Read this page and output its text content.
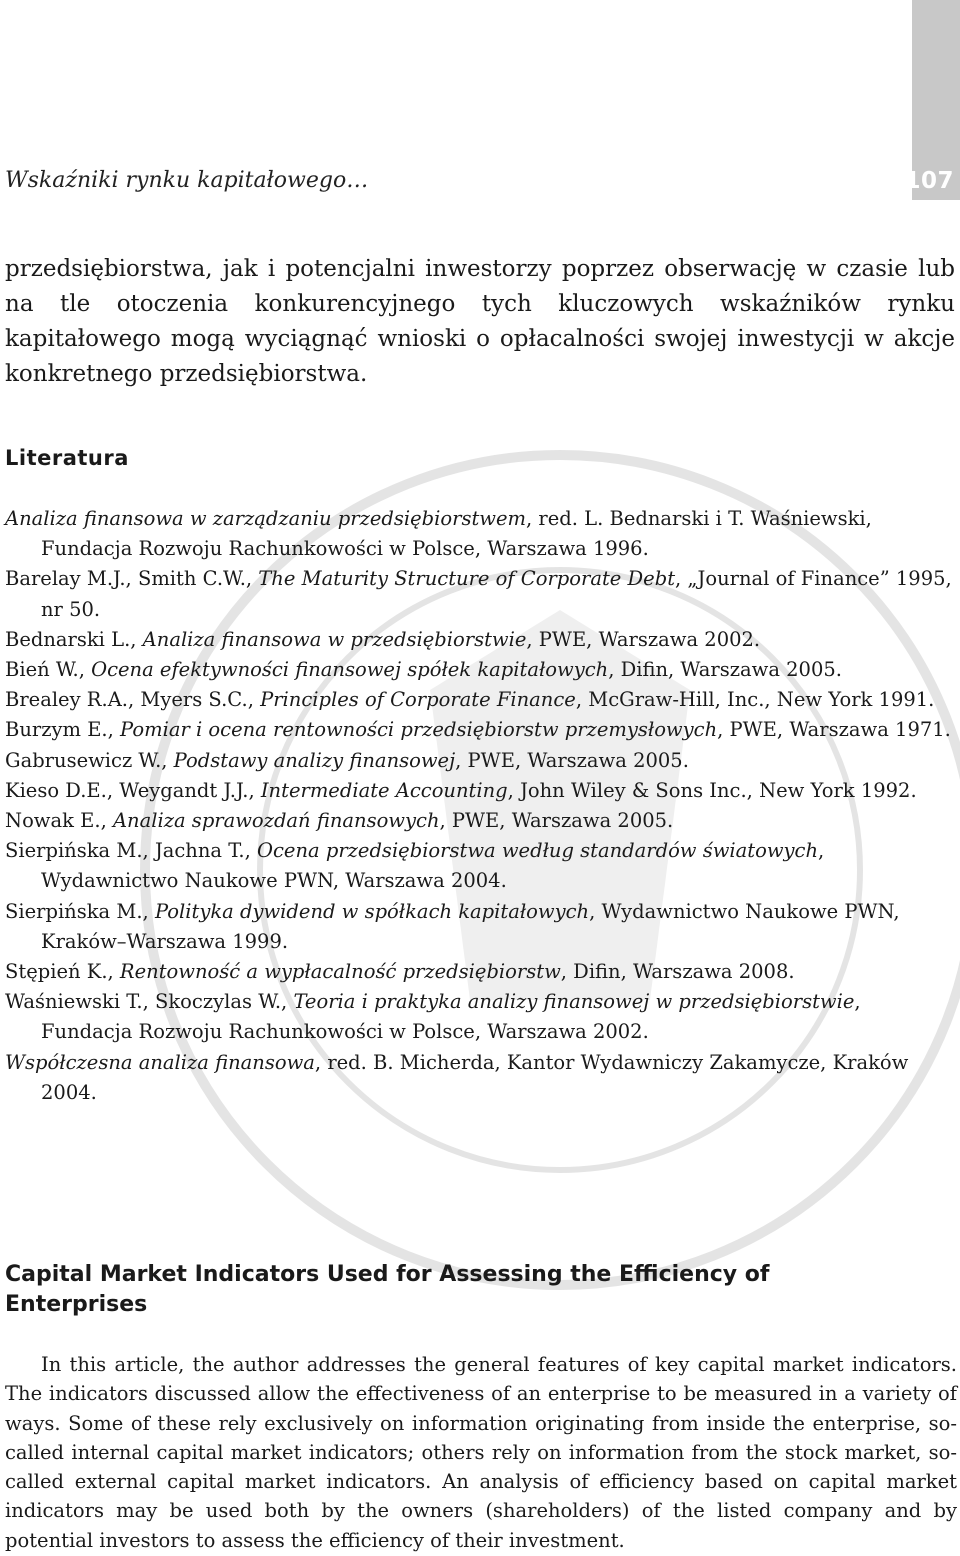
107
Wskaźniki rynku kapitałowego…

przedsiębiorstwa, jak i potencjalni inwestorzy poprzez obserwację w czasie lub na tle otoczenia konkurencyjnego tych kluczowych wskaźników rynku kapitałowego mogą wyciągnąć wnioski o opłacalności swojej inwestycji w akcje konkretnego przedsiębiorstwa.

Literatura
Analiza finansowa w zarządzaniu przedsiębiorstwem, red. L. Bednarski i T. Waśniewski, Fundacja Rozwoju Rachunkowości w Polsce, Warszawa 1996.
Barelay M.J., Smith C.W., The Maturity Structure of Corporate Debt, „Journal of Finance” 1995, nr 50.
Bednarski L., Analiza finansowa w przedsiębiorstwie, PWE, Warszawa 2002.
Bień W., Ocena efektywności finansowej spółek kapitałowych, Difin, Warszawa 2005.
Brealey R.A., Myers S.C., Principles of Corporate Finance, McGraw-Hill, Inc., New York 1991.
Burzym E., Pomiar i ocena rentowności przedsiębiorstw przemysłowych, PWE, Warszawa 1971.
Gabrusewicz W., Podstawy analizy finansowej, PWE, Warszawa 2005.
Kieso D.E., Weygandt J.J., Intermediate Accounting, John Wiley & Sons Inc., New York 1992.
Nowak E., Analiza sprawozdań finansowych, PWE, Warszawa 2005.
Sierpińska M., Jachna T., Ocena przedsiębiorstwa według standardów światowych, Wydawnictwo Naukowe PWN, Warszawa 2004.
Sierpińska M., Polityka dywidend w spółkach kapitałowych, Wydawnictwo Naukowe PWN, Kraków–Warszawa 1999.
Stępień K., Rentowność a wypłacalność przedsiębiorstw, Difin, Warszawa 2008.
Waśniewski T., Skoczylas W., Teoria i praktyka analizy finansowej w przedsiębiorstwie, Fundacja Rozwoju Rachunkowości w Polsce, Warszawa 2002.
Współczesna analiza finansowa, red. B. Micherda, Kantor Wydawniczy Zakamycze, Kraków 2004.
Capital Market Indicators Used for Assessing the Efficiency of Enterprises

In this article, the author addresses the general features of key capital market indicators. The indicators discussed allow the effectiveness of an enterprise to be measured in a variety of ways. Some of these rely exclusively on information originating from inside the enterprise, so-called internal capital market indicators; others rely on information from the stock market, so-called external capital market indicators. An analysis of efficiency based on capital market indicators may be used both by the owners (shareholders) of the listed company and by potential investors to assess the efficiency of their investment.
